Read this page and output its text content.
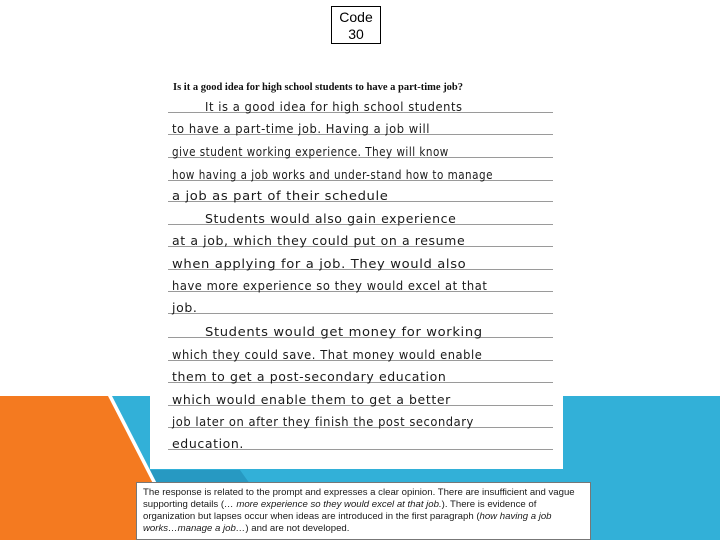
Code
30
Is it a good idea for high school students to have a part-time job?
It is a good idea for high school students
to have a part-time job. Having a job will
give student working experience. They will know
how having a job works and under-stand how to manage
a job as part of their schedule
Students would also gain experience
at a job, which they could put on a resume
when applying for a job. They would also
have more experience so they would excel at that
job.
Students would get money for working
which they could save. That money would enable
them to get a post-secondary education
which would enable them to get a better
job later on after they finish the post secondary
education.
The response is related to the prompt and expresses a clear opinion. There are insufficient and vague supporting details (… more experience so they would excel at that job.). There is evidence of organization but lapses occur when ideas are introduced in the first paragraph (how having a job works…manage a job…) and are not developed.
